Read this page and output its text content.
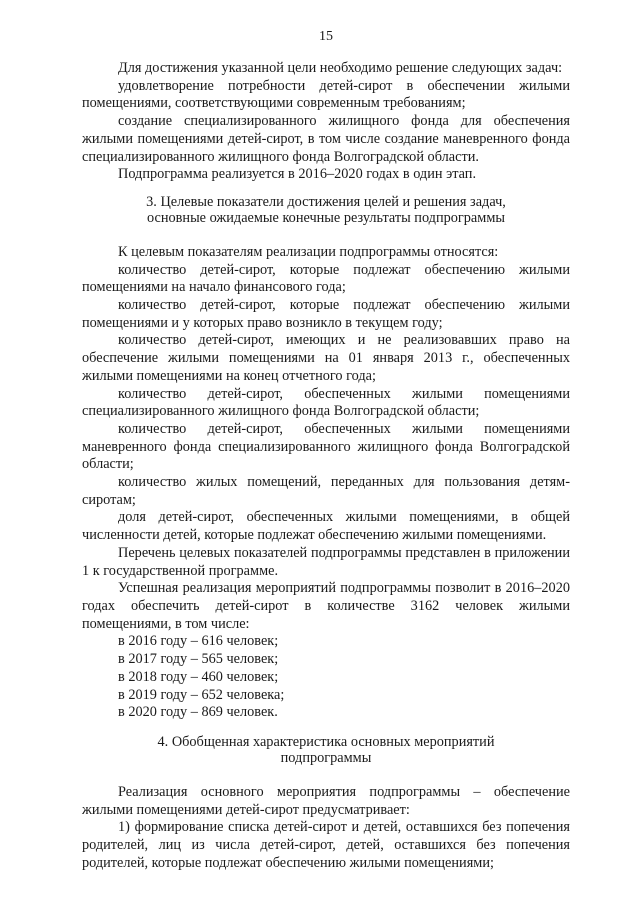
15

Для достижения указанной цели необходимо решение следующих задач:

удовлетворение потребности детей-сирот в обеспечении жилыми помещениями, соответствующими современным требованиям;

создание специализированного жилищного фонда для обеспечения жилыми помещениями детей-сирот, в том числе создание маневренного фонда специализированного жилищного фонда Волгоградской области.

Подпрограмма реализуется в 2016–2020 годах в один этап.

3. Целевые показатели достижения целей и решения задач,

основные ожидаемые конечные результаты подпрограммы

К целевым показателям реализации подпрограммы относятся:

количество детей-сирот, которые подлежат обеспечению жилыми помещениями на начало финансового года;

количество детей-сирот, которые подлежат обеспечению жилыми помещениями и у которых право возникло в текущем году;

количество детей-сирот, имеющих и не реализовавших право на обеспечение жилыми помещениями на 01 января 2013 г., обеспеченных жилыми помещениями на конец отчетного года;

количество детей-сирот, обеспеченных жилыми помещениями специализированного жилищного фонда Волгоградской области;

количество детей-сирот, обеспеченных жилыми помещениями маневренного фонда специализированного жилищного фонда Волгоградской области;

количество жилых помещений, переданных для пользования детям-сиротам;

доля детей-сирот, обеспеченных жилыми помещениями, в общей численности детей, которые подлежат обеспечению жилыми помещениями.

Перечень целевых показателей подпрограммы представлен в приложении 1 к государственной программе.

Успешная реализация мероприятий подпрограммы позволит в 2016–2020 годах обеспечить детей-сирот в количестве 3162 человек жилыми помещениями, в том числе:

в 2016 году – 616 человек;

в 2017 году – 565 человек;

в 2018 году – 460 человек;

в 2019 году – 652 человека;

в 2020 году – 869 человек.

4. Обобщенная характеристика основных мероприятий

подпрограммы

Реализация основного мероприятия подпрограммы – обеспечение жилыми помещениями детей-сирот предусматривает:

1) формирование списка детей-сирот и детей, оставшихся без попечения родителей, лиц из числа детей-сирот, детей, оставшихся без попечения родителей, которые подлежат обеспечению жилыми помещениями;
